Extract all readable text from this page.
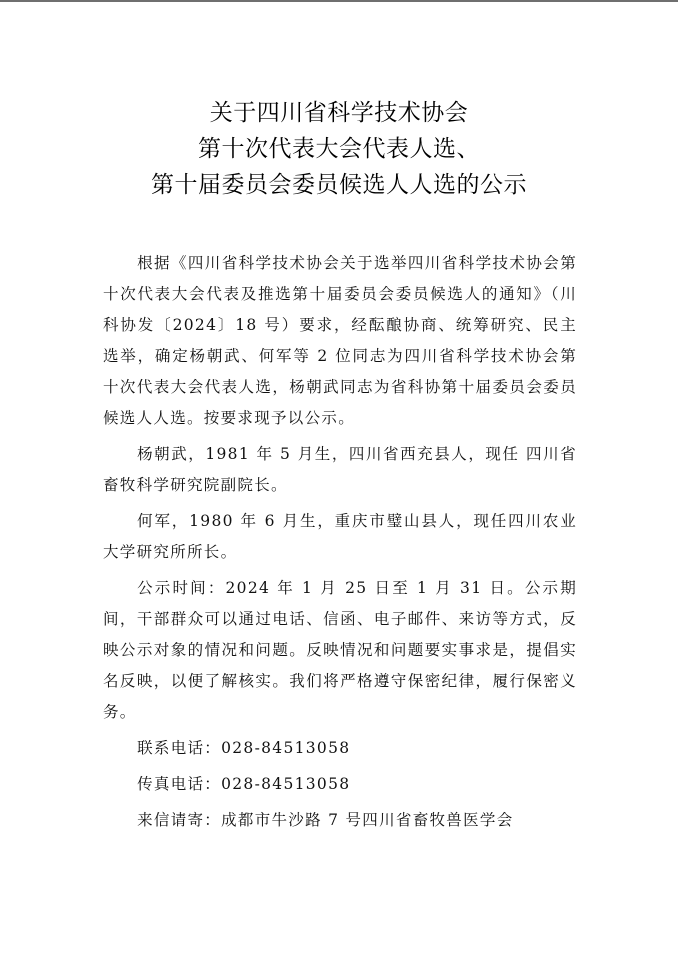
关于四川省科学技术协会
第十次代表大会代表人选、
第十届委员会委员候选人人选的公示

根据《四川省科学技术协会关于选举四川省科学技术协会第十次代表大会代表及推选第十届委员会委员候选人的通知》（川科协发〔2024〕18 号）要求，经酝酿协商、统筹研究、民主选举，确定杨朝武、何军等 2 位同志为四川省科学技术协会第十次代表大会代表人选，杨朝武同志为省科协第十届委员会委员候选人人选。按要求现予以公示。

杨朝武，1981 年 5 月生，四川省西充县人，现任 四川省畜牧科学研究院副院长。

何军，1980 年 6 月生，重庆市璧山县人，现任四川农业大学研究所所长。

公示时间：2024 年 1 月 25 日至 1 月 31 日。公示期间，干部群众可以通过电话、信函、电子邮件、来访等方式，反映公示对象的情况和问题。反映情况和问题要实事求是，提倡实名反映，以便了解核实。我们将严格遵守保密纪律，履行保密义务。

联系电话：028-84513058
传真电话：028-84513058
来信请寄：成都市牛沙路 7 号四川省畜牧兽医学会
